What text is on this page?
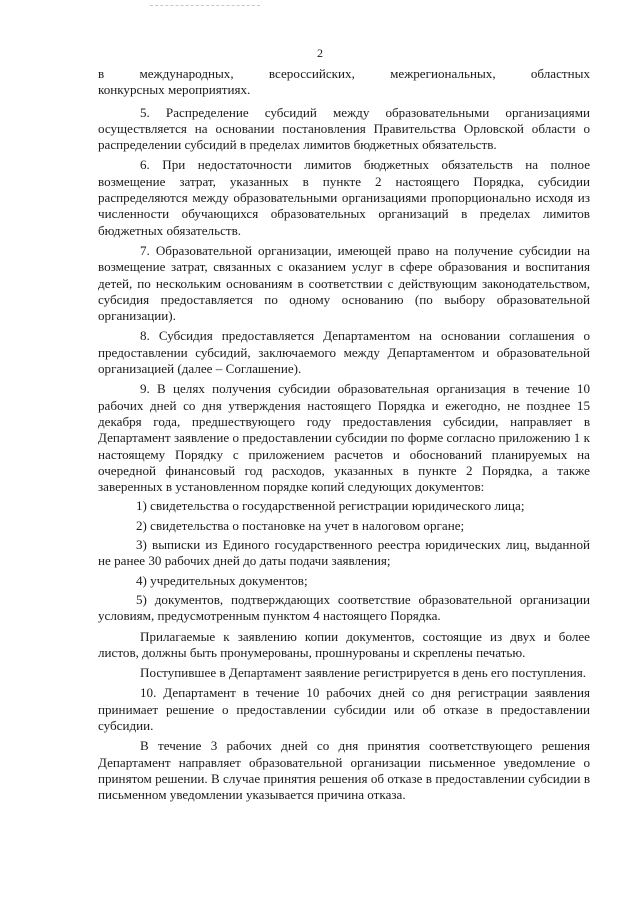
2

в международных, всероссийских, межрегиональных, областных

конкурсных мероприятиях.

5. Распределение субсидий между образовательными организациями осуществляется на основании постановления Правительства Орловской области о распределении субсидий в пределах лимитов бюджетных обязательств.

6. При недостаточности лимитов бюджетных обязательств на полное возмещение затрат, указанных в пункте 2 настоящего Порядка, субсидии распределяются между образовательными организациями пропорционально исходя из численности обучающихся образовательных организаций в пределах лимитов бюджетных обязательств.

7. Образовательной организации, имеющей право на получение субсидии на возмещение затрат, связанных с оказанием услуг в сфере образования и воспитания детей, по нескольким основаниям в соответствии с действующим законодательством, субсидия предоставляется по одному основанию (по выбору образовательной организации).

8. Субсидия предоставляется Департаментом на основании соглашения о предоставлении субсидий, заключаемого между Департаментом и образовательной организацией (далее – Соглашение).

9. В целях получения субсидии образовательная организация в течение 10 рабочих дней со дня утверждения настоящего Порядка и ежегодно, не позднее 15 декабря года, предшествующего году предоставления субсидии, направляет в Департамент заявление о предоставлении субсидии по форме согласно приложению 1 к настоящему Порядку с приложением расчетов и обоснований планируемых на очередной финансовый год расходов, указанных в пункте 2 Порядка, а также заверенных в установленном порядке копий следующих документов:

1) свидетельства о государственной регистрации юридического лица;

2) свидетельства о постановке на учет в налоговом органе;

3) выписки из Единого государственного реестра юридических лиц, выданной не ранее 30 рабочих дней до даты подачи заявления;

4) учредительных документов;

5) документов, подтверждающих соответствие образовательной организации условиям, предусмотренным пунктом 4 настоящего Порядка.

Прилагаемые к заявлению копии документов, состоящие из двух и более листов, должны быть пронумерованы, прошнурованы и скреплены печатью.

Поступившее в Департамент заявление регистрируется в день его поступления.

10. Департамент в течение 10 рабочих дней со дня регистрации заявления принимает решение о предоставлении субсидии или об отказе в предоставлении субсидии.

В течение 3 рабочих дней со дня принятия соответствующего решения Департамент направляет образовательной организации письменное уведомление о принятом решении. В случае принятия решения об отказе в предоставлении субсидии в письменном уведомлении указывается причина отказа.
